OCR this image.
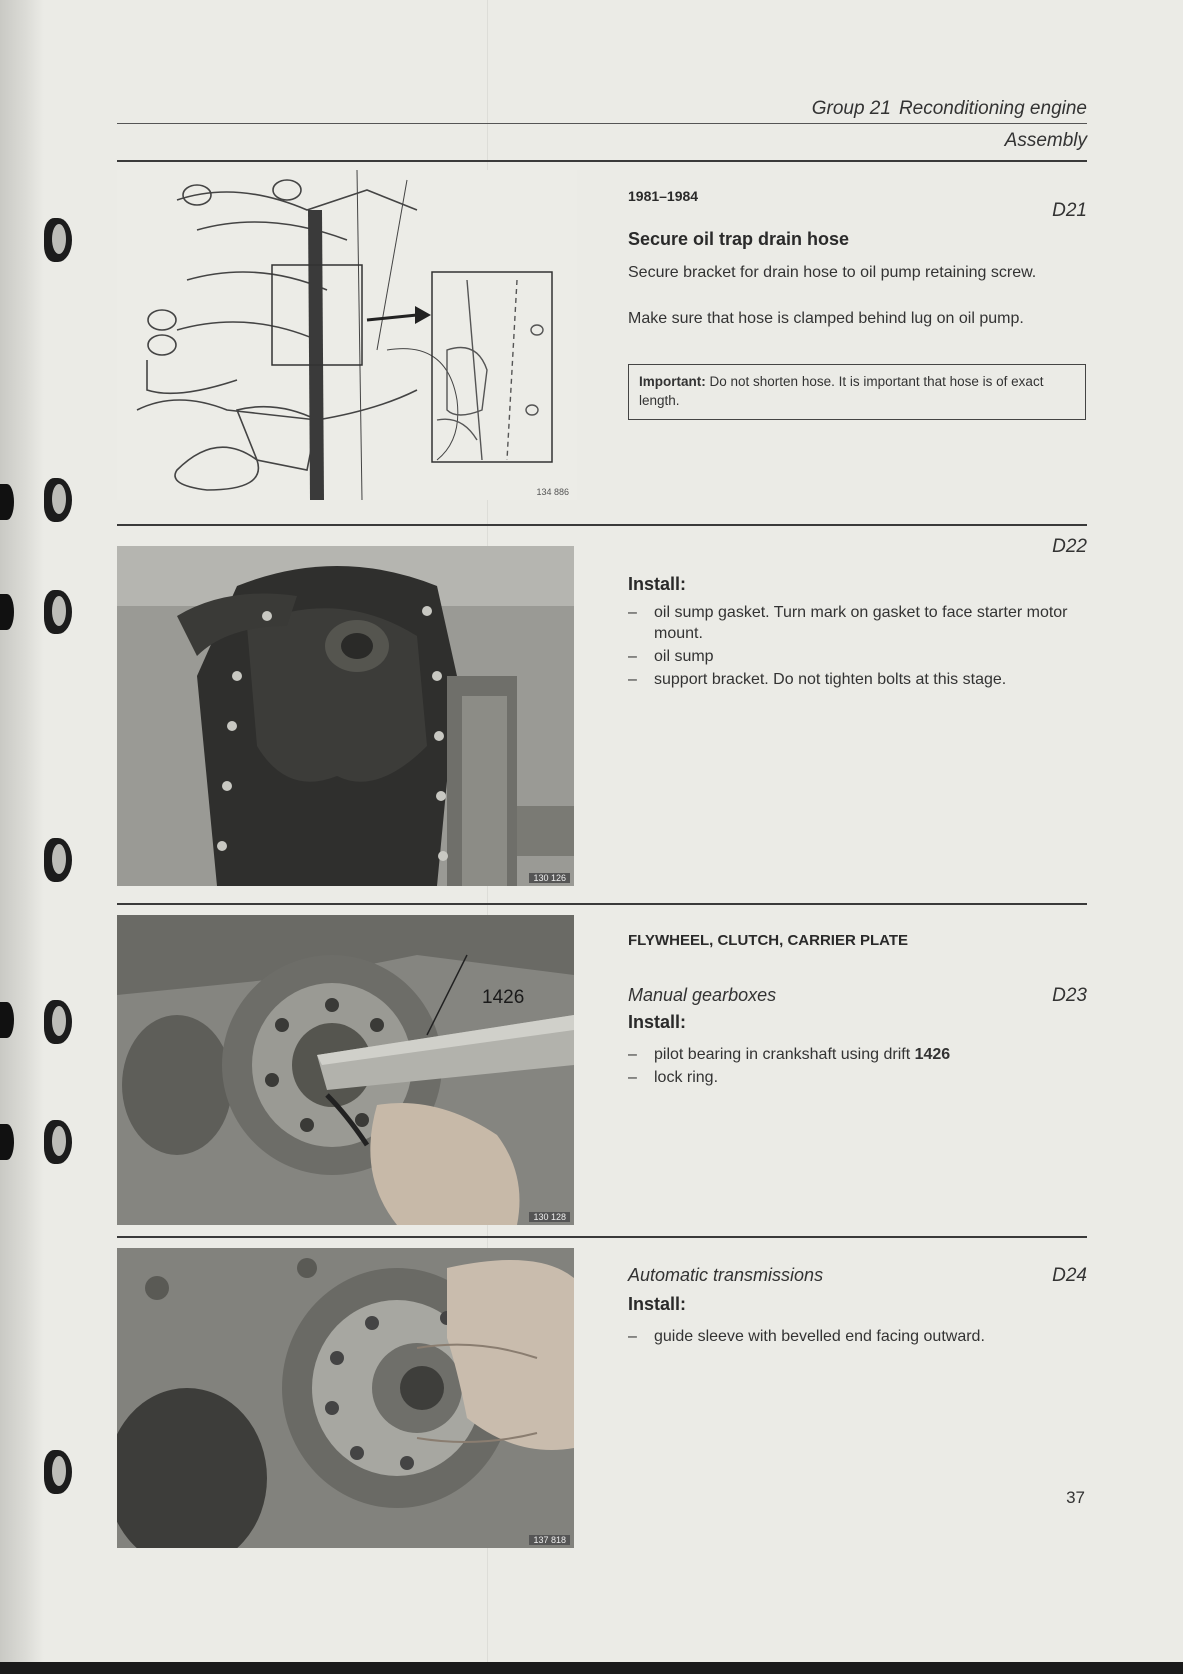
Group 21 Reconditioning engine
Assembly
134 886
1981–1984
D21
Secure oil trap drain hose
Secure bracket for drain hose to oil pump retaining screw.
Make sure that hose is clamped behind lug on oil pump.
Important: Do not shorten hose. It is important that hose is of exact length.
130 126
D22
Install:
– oil sump gasket. Turn mark on gasket to face starter motor mount.
– oil sump
– support bracket. Do not tighten bolts at this stage.
1426
130 128
FLYWHEEL, CLUTCH, CARRIER PLATE
Manual gearboxes	D23
Install:
– pilot bearing in crankshaft using drift 1426
– lock ring.
137 818
Automatic transmissions	D24
Install:
– guide sleeve with bevelled end facing outward.
37
